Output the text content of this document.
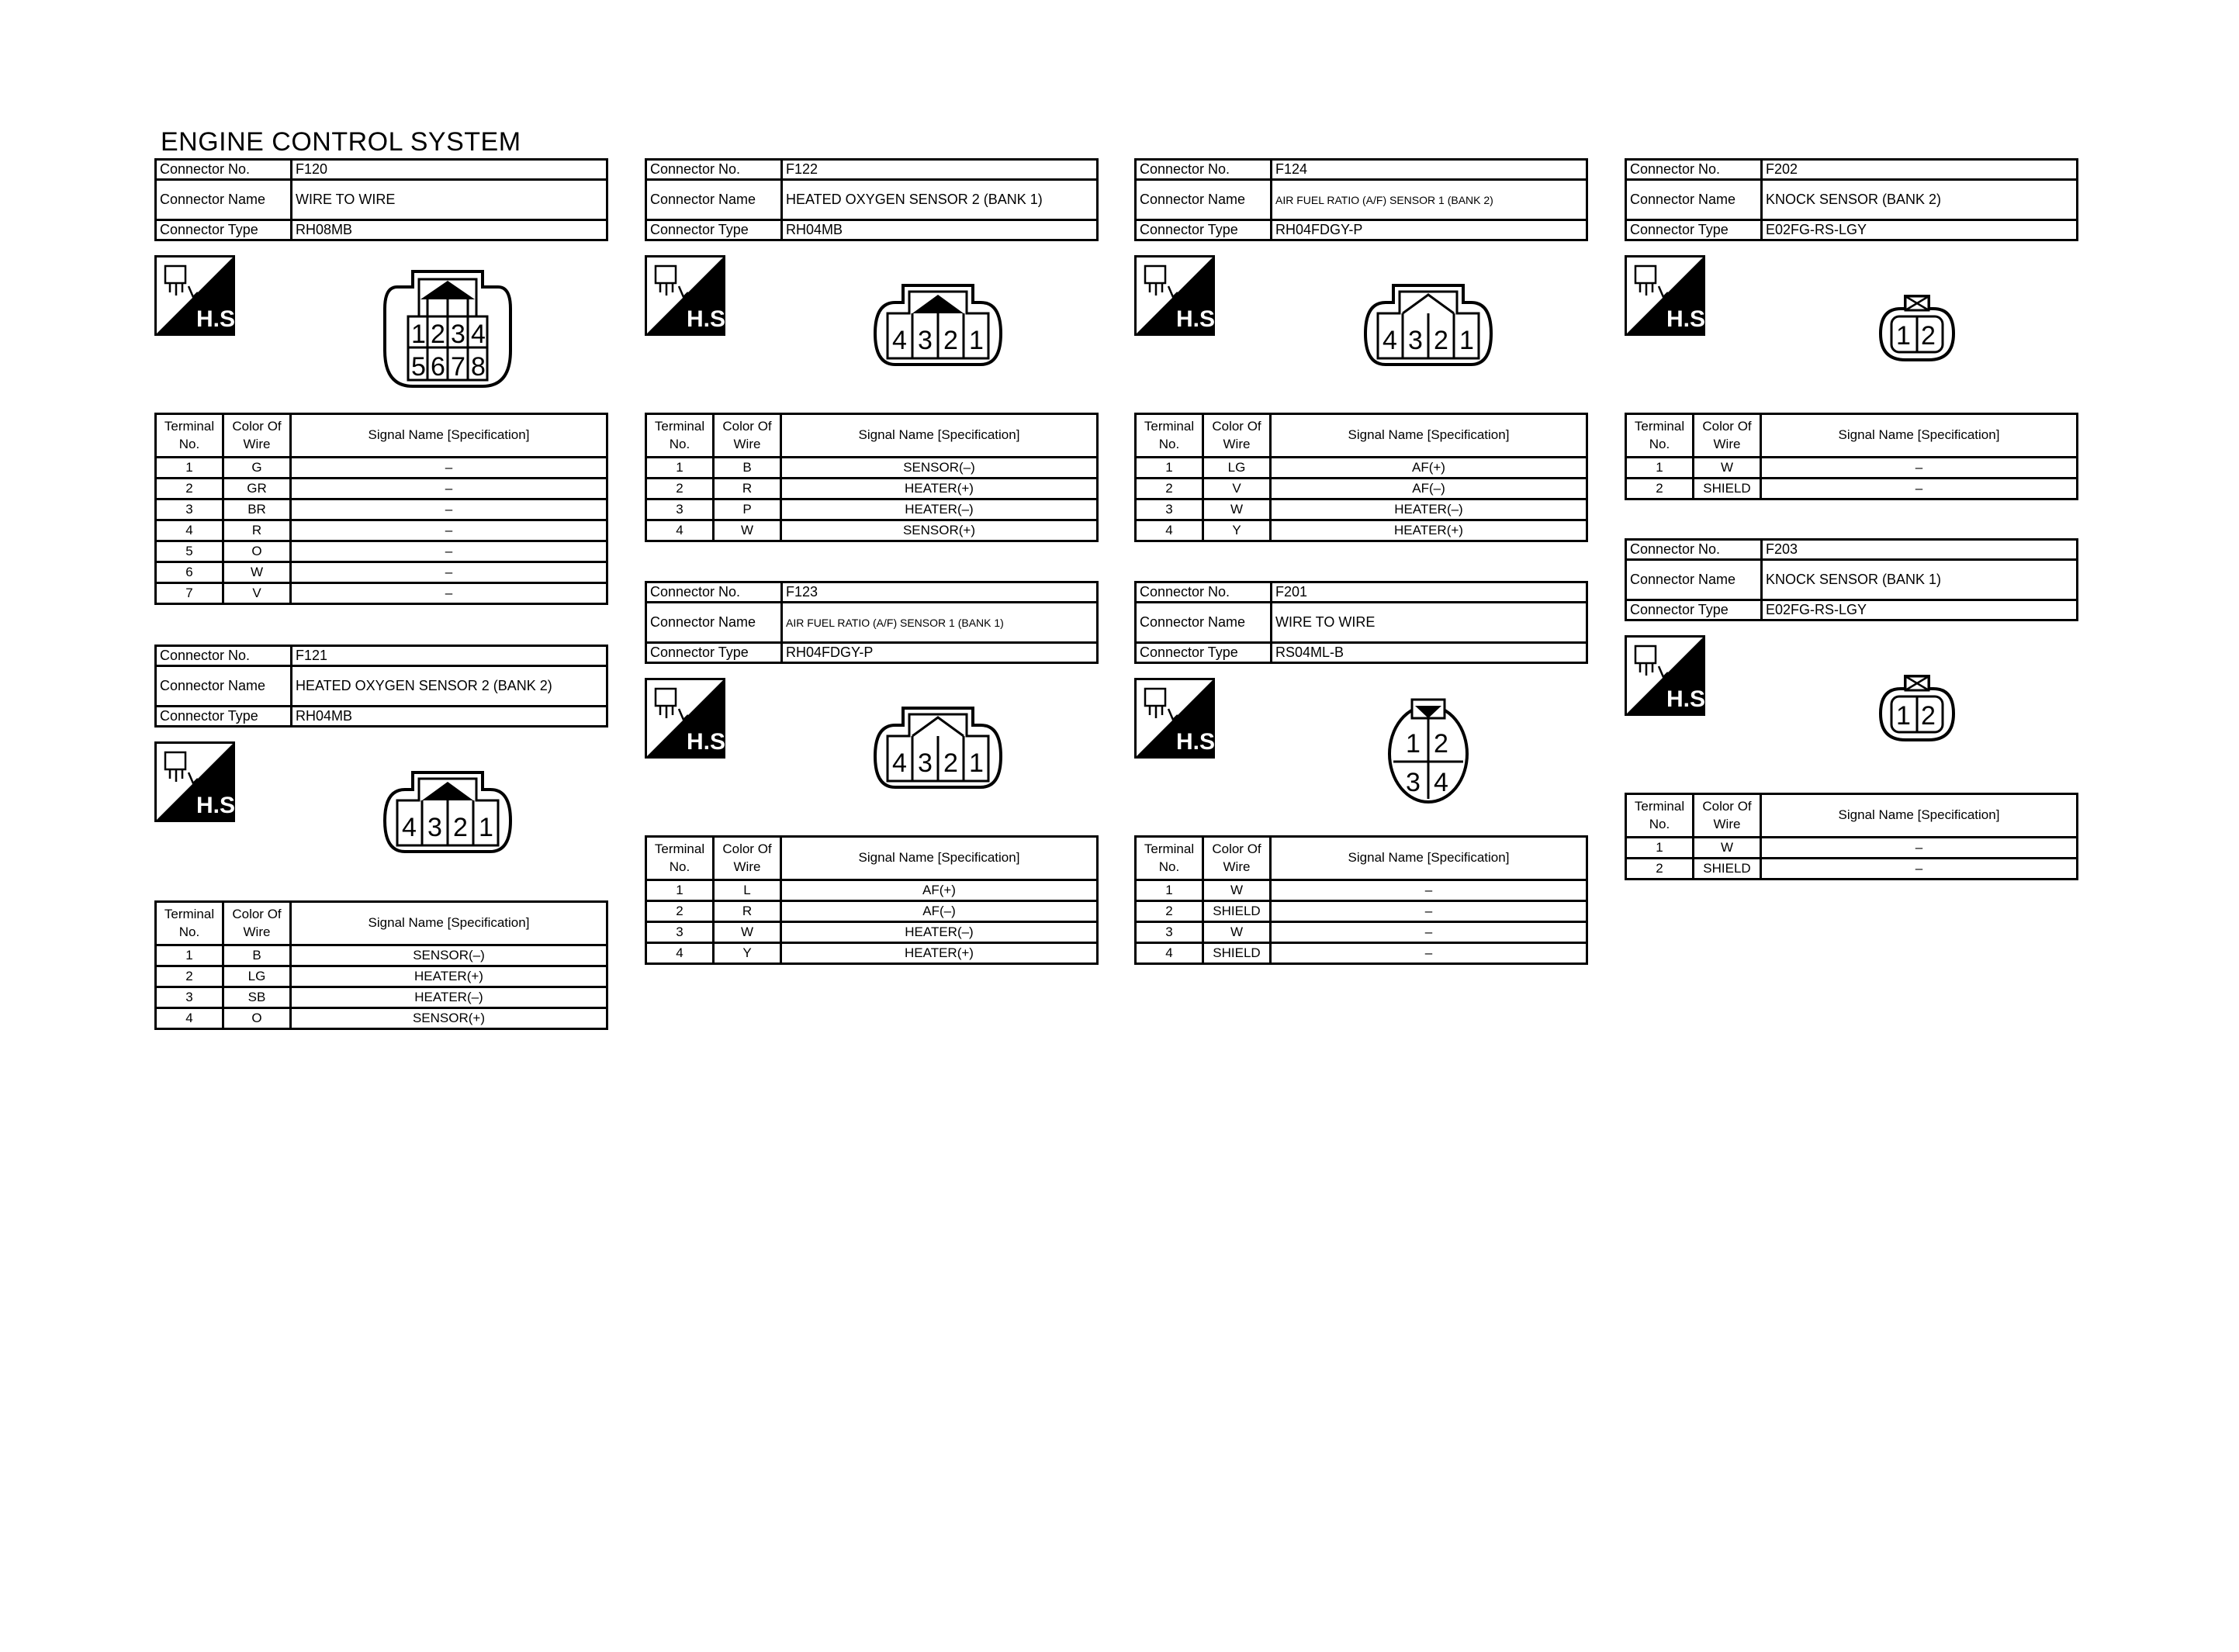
ENGINE CONTROL SYSTEM
Connector No.	F120
Connector Name	WIRE TO WIRE
Connector Type	RH08MB
H.S.
1 2 3 4
5 6 7 8
Terminal No.	Color Of Wire	Signal Name [Specification]
1	G	–
2	GR	–
3	BR	–
4	R	–
5	O	–
6	W	–
7	V	–
Connector No.	F121
Connector Name	HEATED OXYGEN SENSOR 2 (BANK 2)
Connector Type	RH04MB
H.S.
4 3 2 1
Terminal No.	Color Of Wire	Signal Name [Specification]
1	B	SENSOR(–)
2	LG	HEATER(+)
3	SB	HEATER(–)
4	O	SENSOR(+)
Connector No.	F122
Connector Name	HEATED OXYGEN SENSOR 2 (BANK 1)
Connector Type	RH04MB
H.S.
4 3 2 1
Terminal No.	Color Of Wire	Signal Name [Specification]
1	B	SENSOR(–)
2	R	HEATER(+)
3	P	HEATER(–)
4	W	SENSOR(+)
Connector No.	F123
Connector Name	AIR FUEL RATIO (A/F) SENSOR 1 (BANK 1)
Connector Type	RH04FDGY-P
H.S.
4 3 2 1
Terminal No.	Color Of Wire	Signal Name [Specification]
1	L	AF(+)
2	R	AF(–)
3	W	HEATER(–)
4	Y	HEATER(+)
Connector No.	F124
Connector Name	AIR FUEL RATIO (A/F) SENSOR 1 (BANK 2)
Connector Type	RH04FDGY-P
H.S.
4 3 2 1
Terminal No.	Color Of Wire	Signal Name [Specification]
1	LG	AF(+)
2	V	AF(–)
3	W	HEATER(–)
4	Y	HEATER(+)
Connector No.	F201
Connector Name	WIRE TO WIRE
Connector Type	RS04ML-B
H.S.	1 2
3 4
Terminal No.	Color Of Wire	Signal Name [Specification]
1	W	–
2	SHIELD	–
3	W	–
4	SHIELD	–
Connector No.	F202
Connector Name	KNOCK SENSOR (BANK 2)
Connector Type	E02FG-RS-LGY
H.S.
1 2
Terminal No.	Color Of Wire	Signal Name [Specification]
1	W	–
2	SHIELD	–
Connector No.	F203
Connector Name	KNOCK SENSOR (BANK 1)
Connector Type	E02FG-RS-LGY
H.S.
1 2
Terminal No.	Color Of Wire	Signal Name [Specification]
1	W	–
2	SHIELD	–
